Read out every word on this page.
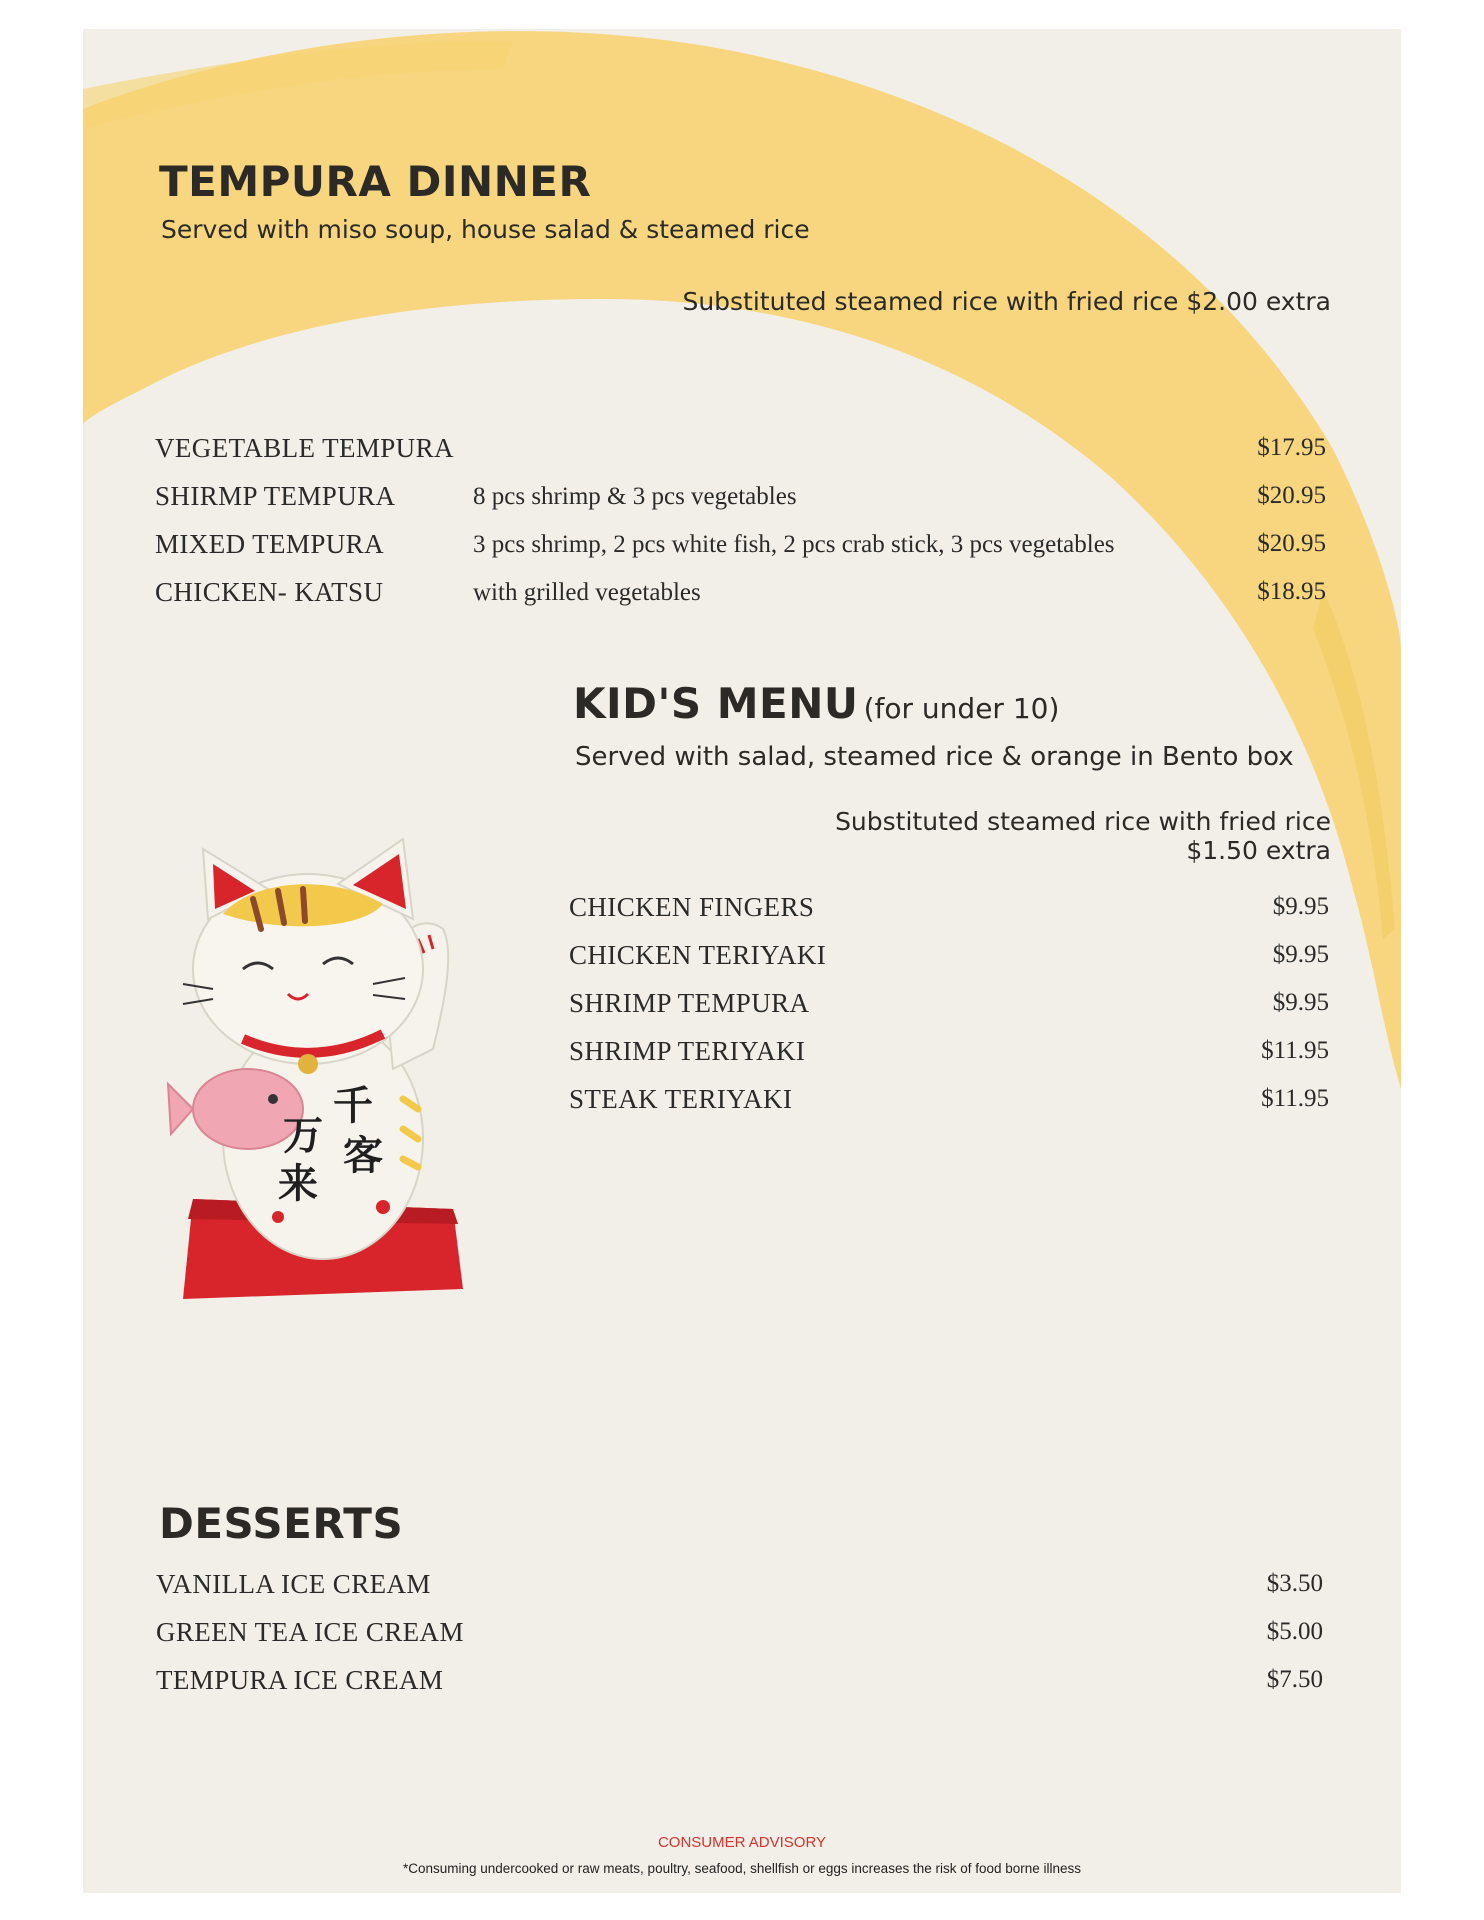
TEMPURA DINNER
Served with miso soup, house salad & steamed rice
Substituted steamed rice with fried rice $2.00 extra
VEGETABLE TEMPURA	$17.95
SHIRMP TEMPURA	8 pcs shrimp & 3 pcs vegetables	$20.95
MIXED TEMPURA	3 pcs shrimp, 2 pcs white fish, 2 pcs crab stick, 3 pcs vegetables	$20.95
CHICKEN- KATSU	with grilled vegetables	$18.95
千
客
万
来
KID'S MENU (for under 10)
Served with salad, steamed rice & orange in Bento box
Substituted steamed rice with fried rice
$1.50 extra
CHICKEN FINGERS	$9.95
CHICKEN TERIYAKI	$9.95
SHRIMP TEMPURA	$9.95
SHRIMP TERIYAKI	$11.95
STEAK TERIYAKI	$11.95
DESSERTS
VANILLA ICE CREAM	$3.50
GREEN TEA ICE CREAM	$5.00
TEMPURA ICE CREAM	$7.50
CONSUMER ADVISORY
*Consuming undercooked or raw meats, poultry, seafood, shellfish or eggs increases the risk of food borne illness
